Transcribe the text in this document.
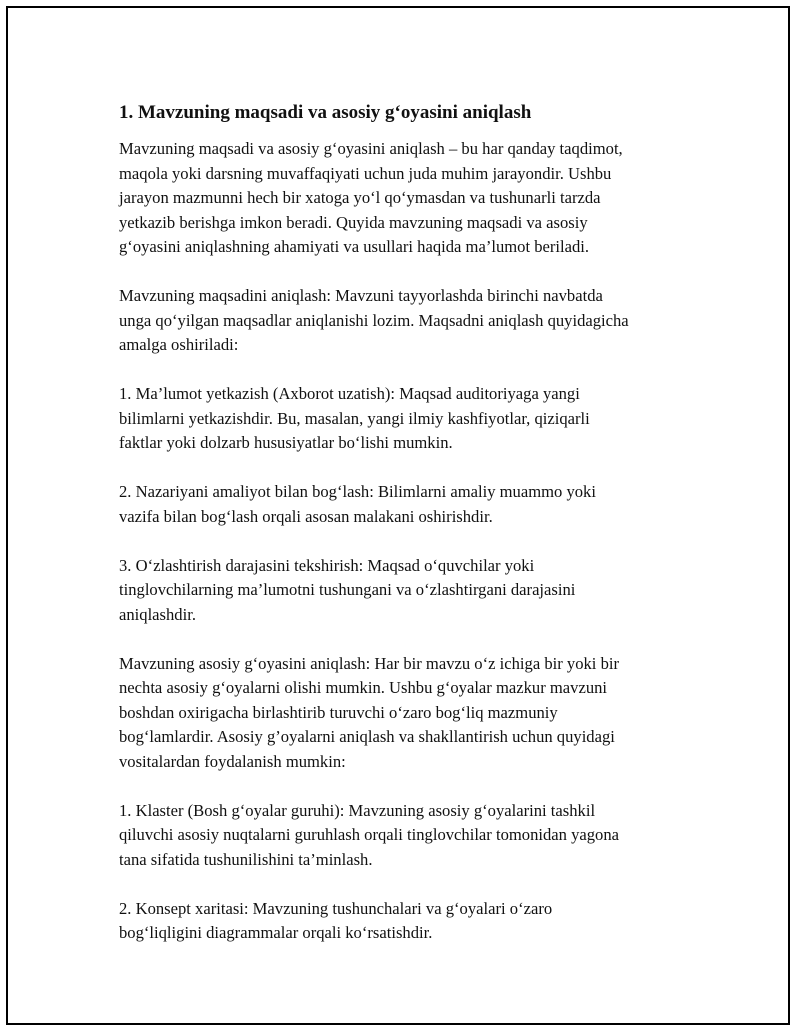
1. Mavzuning maqsadi va asosiy g‘oyasini aniqlash
Mavzuning maqsadi va asosiy g‘oyasini aniqlash – bu har qanday taqdimot,
maqola yoki darsning muvaffaqiyati uchun juda muhim jarayondir. Ushbu
jarayon mazmunni hech bir xatoga yo‘l qo‘ymasdan va tushunarli tarzda
yetkazib berishga imkon beradi. Quyida mavzuning maqsadi va asosiy
g‘oyasini aniqlashning ahamiyati va usullari haqida ma’lumot beriladi.
Mavzuning maqsadini aniqlash: Mavzuni tayyorlashda birinchi navbatda
unga qo‘yilgan maqsadlar aniqlanishi lozim. Maqsadni aniqlash quyidagicha
amalga oshiriladi:
1. Ma’lumot yetkazish (Axborot uzatish): Maqsad auditoriyaga yangi
bilimlarni yetkazishdir. Bu, masalan, yangi ilmiy kashfiyotlar, qiziqarli
faktlar yoki dolzarb hususiyatlar bo‘lishi mumkin.
2. Nazariyani amaliyot bilan bog‘lash: Bilimlarni amaliy muammo yoki
vazifa bilan bog‘lash orqali asosan malakani oshirishdir.
3. O‘zlashtirish darajasini tekshirish: Maqsad o‘quvchilar yoki
tinglovchilarning ma’lumotni tushungani va o‘zlashtirgani darajasini
aniqlashdir.
Mavzuning asosiy g‘oyasini aniqlash: Har bir mavzu o‘z ichiga bir yoki bir
nechta asosiy g‘oyalarni olishi mumkin. Ushbu g‘oyalar mazkur mavzuni
boshdan oxirigacha birlashtirib turuvchi o‘zaro bog‘liq mazmuniy
bog‘lamlardir. Asosiy g’oyalarni aniqlash va shakllantirish uchun quyidagi
vositalardan foydalanish mumkin:
1. Klaster (Bosh g‘oyalar guruhi): Mavzuning asosiy g‘oyalarini tashkil
qiluvchi asosiy nuqtalarni guruhlash orqali tinglovchilar tomonidan yagona
tana sifatida tushunilishini ta’minlash.
2. Konsept xaritasi: Mavzuning tushunchalari va g‘oyalari o‘zaro
bog‘liqligini diagrammalar orqali ko‘rsatishdir.
